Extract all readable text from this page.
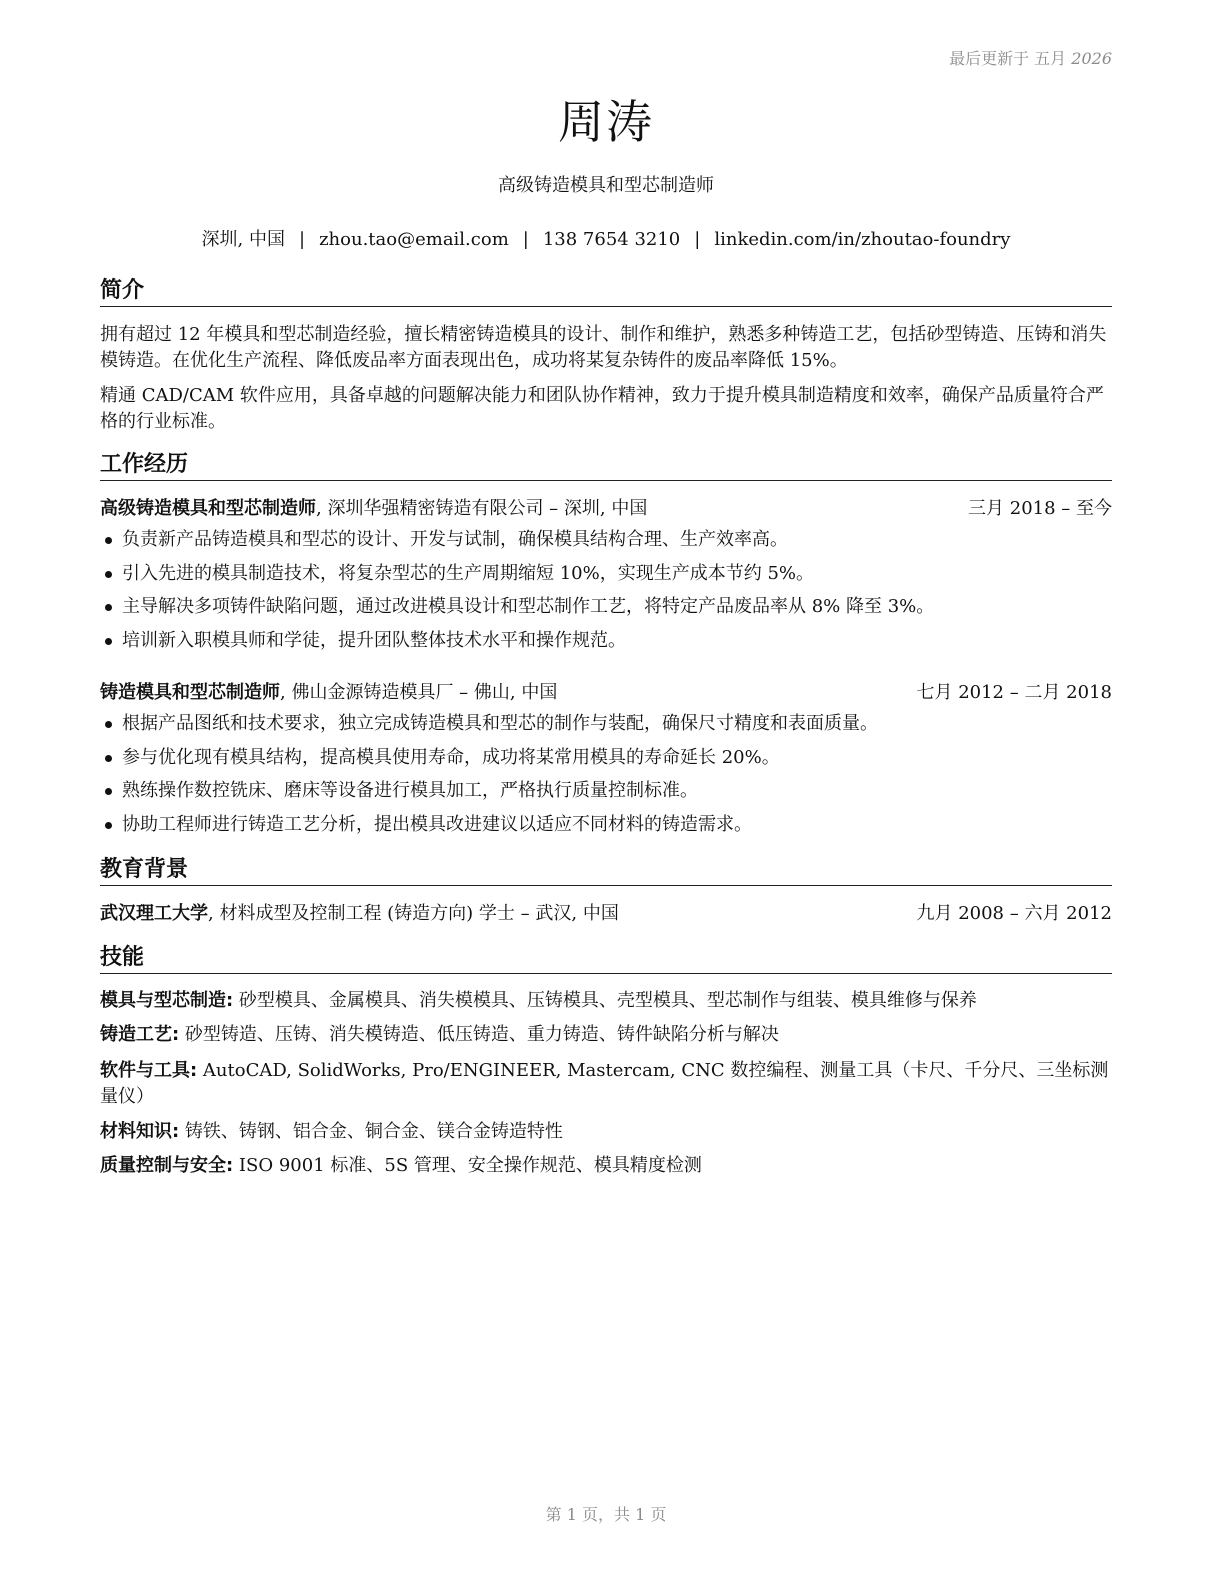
最后更新于 五月 2026
周涛
高级铸造模具和型芯制造师
深圳, 中国 | zhou.tao@email.com | 138 7654 3210 | linkedin.com/in/zhoutao-foundry
简介
拥有超过 12 年模具和型芯制造经验，擅长精密铸造模具的设计、制作和维护，熟悉多种铸造工艺，包括砂型铸造、压铸和消失模铸造。在优化生产流程、降低废品率方面表现出色，成功将某复杂铸件的废品率降低 15%。
精通 CAD/CAM 软件应用，具备卓越的问题解决能力和团队协作精神，致力于提升模具制造精度和效率，确保产品质量符合严格的行业标准。
工作经历
高级铸造模具和型芯制造师, 深圳华强精密铸造有限公司 – 深圳, 中国	三月 2018 – 至今
负责新产品铸造模具和型芯的设计、开发与试制，确保模具结构合理、生产效率高。
引入先进的模具制造技术，将复杂型芯的生产周期缩短 10%，实现生产成本节约 5%。
主导解决多项铸件缺陷问题，通过改进模具设计和型芯制作工艺，将特定产品废品率从 8% 降至 3%。
培训新入职模具师和学徒，提升团队整体技术水平和操作规范。
铸造模具和型芯制造师, 佛山金源铸造模具厂 – 佛山, 中国	七月 2012 – 二月 2018
根据产品图纸和技术要求，独立完成铸造模具和型芯的制作与装配，确保尺寸精度和表面质量。
参与优化现有模具结构，提高模具使用寿命，成功将某常用模具的寿命延长 20%。
熟练操作数控铣床、磨床等设备进行模具加工，严格执行质量控制标准。
协助工程师进行铸造工艺分析，提出模具改进建议以适应不同材料的铸造需求。
教育背景
武汉理工大学, 材料成型及控制工程 (铸造方向) 学士 – 武汉, 中国	九月 2008 – 六月 2012
技能
模具与型芯制造: 砂型模具、金属模具、消失模模具、压铸模具、壳型模具、型芯制作与组装、模具维修与保养
铸造工艺: 砂型铸造、压铸、消失模铸造、低压铸造、重力铸造、铸件缺陷分析与解决
软件与工具: AutoCAD, SolidWorks, Pro/ENGINEER, Mastercam, CNC 数控编程、测量工具（卡尺、千分尺、三坐标测量仪）
材料知识: 铸铁、铸钢、铝合金、铜合金、镁合金铸造特性
质量控制与安全: ISO 9001 标准、5S 管理、安全操作规范、模具精度检测
第 1 页，共 1 页
